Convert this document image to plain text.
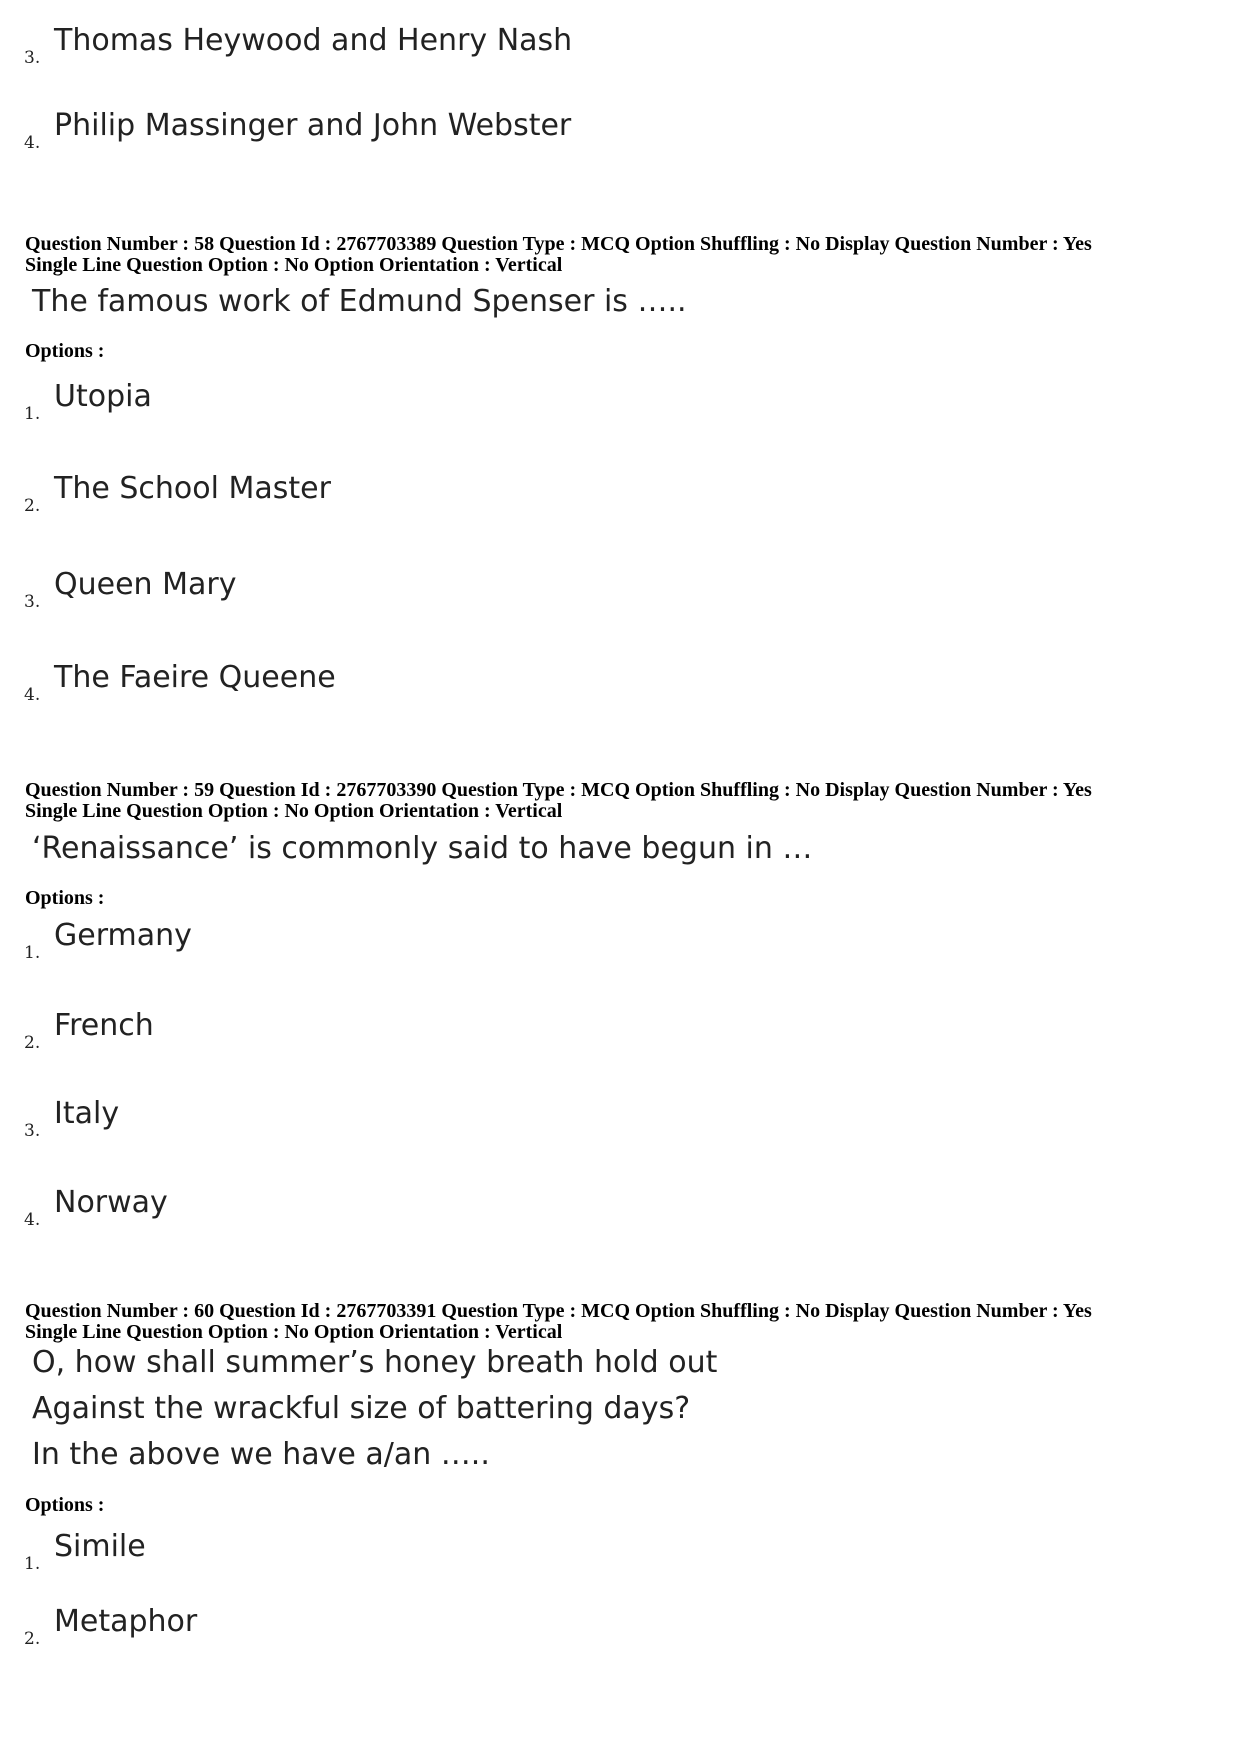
3. Thomas Heywood and Henry Nash
4. Philip Massinger and John Webster
Question Number : 58 Question Id : 2767703389 Question Type : MCQ Option Shuffling : No Display Question Number : Yes
Single Line Question Option : No Option Orientation : Vertical
The famous work of Edmund Spenser is …..
Options :
1. Utopia
2. The School Master
3. Queen Mary
4. The Faeire Queene
Question Number : 59 Question Id : 2767703390 Question Type : MCQ Option Shuffling : No Display Question Number : Yes
Single Line Question Option : No Option Orientation : Vertical
‘Renaissance’ is commonly said to have begun in …
Options :
1. Germany
2. French
3. Italy
4. Norway
Question Number : 60 Question Id : 2767703391 Question Type : MCQ Option Shuffling : No Display Question Number : Yes
Single Line Question Option : No Option Orientation : Vertical
O, how shall summer’s honey breath hold out
Against the wrackful size of battering days?
In the above we have a/an …..
Options :
1. Simile
2. Metaphor
